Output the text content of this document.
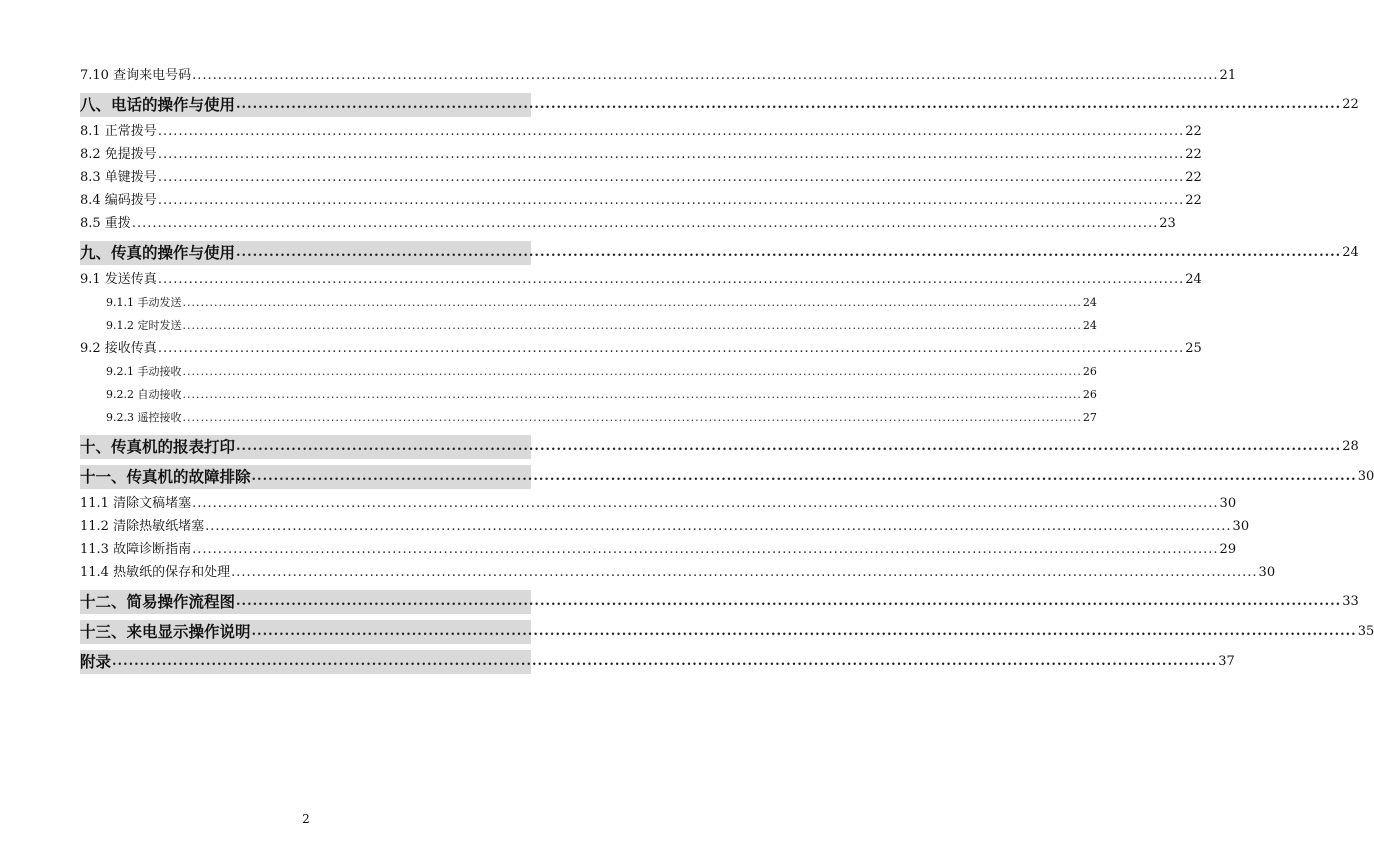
7.10 查询来电号码 ........................................................................................................................................................................................................ 21
八、电话的操作与使用 ........................................................................................................................................................................................................ 22
8.1 正常拨号 ........................................................................................................................................................................................................ 22
8.2 免提拨号 ........................................................................................................................................................................................................ 22
8.3 单键拨号 ........................................................................................................................................................................................................ 22
8.4 编码拨号 ........................................................................................................................................................................................................ 22
8.5 重拨 ........................................................................................................................................................................................................ 23
九、传真的操作与使用 ........................................................................................................................................................................................................ 24
9.1 发送传真 ........................................................................................................................................................................................................ 24
9.1.1 手动发送 ........................................................................................................................................................................................................ 24
9.1.2 定时发送 ........................................................................................................................................................................................................ 24
9.2 接收传真 ........................................................................................................................................................................................................ 25
9.2.1 手动接收 ........................................................................................................................................................................................................ 26
9.2.2 自动接收 ........................................................................................................................................................................................................ 26
9.2.3 遥控接收 ........................................................................................................................................................................................................ 27
十、传真机的报表打印 ........................................................................................................................................................................................................ 28
十一、传真机的故障排除 ........................................................................................................................................................................................................ 30
11.1 清除文稿堵塞 ........................................................................................................................................................................................................ 30
11.2 清除热敏纸堵塞 ........................................................................................................................................................................................................ 30
11.3 故障诊断指南 ........................................................................................................................................................................................................ 29
11.4 热敏纸的保存和处理 ........................................................................................................................................................................................................ 30
十二、简易操作流程图 ........................................................................................................................................................................................................ 33
十三、来电显示操作说明 ........................................................................................................................................................................................................ 35
附录 ........................................................................................................................................................................................................ 37
2
